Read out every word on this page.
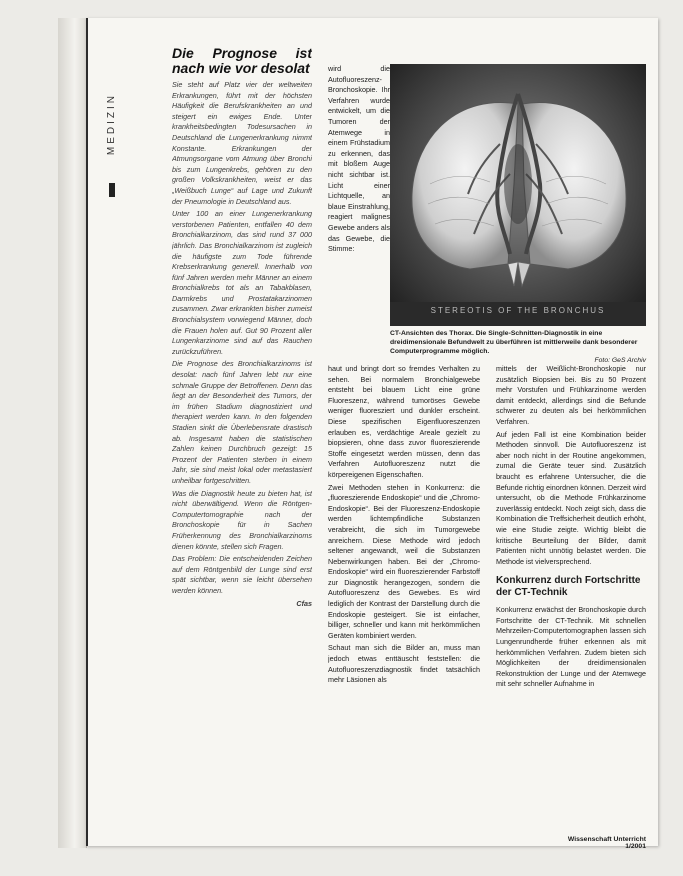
MEDIZIN
Die Prognose ist nach wie vor desolat

Sie steht auf Platz vier der weltweiten Erkrankungen, führt mit der höchsten Häufigkeit die Berufskrankheiten an und steigert ein ewiges Ende. Unter krankheitsbedingten Todesursachen in Deutschland die Lungenerkrankung nimmt Konstante. Erkrankungen der Atmungsorgane vom Atmung über Bronchi bis zum Lungenkrebs, gehören zu den großen Volkskrankheiten, weist er das „Weißbuch Lunge“ auf Lage und Zukunft der Pneumologie in Deutschland aus.

Unter 100 an einer Lungenerkrankung verstorbenen Patienten, entfallen 40 dem Bronchialkarzinom, das sind rund 37 000 jährlich. Das Bronchialkarzinom ist zugleich die häufigste zum Tode führende Krebserkrankung generell. Innerhalb von fünf Jahren werden mehr Männer an einem Bronchialkrebs tot als an Tabakblasen, Darmkrebs und Prostatakarzinomen zusammen. Zwar erkrankten bisher zumeist Bronchialsystem vorwiegend Männer, doch die Frauen holen auf. Gut 90 Prozent aller Lungenkarzinome sind auf das Rauchen zurückzuführen.

Die Prognose des Bronchialkarzinoms ist desolat: nach fünf Jahren lebt nur eine schmale Gruppe der Betroffenen. Denn das liegt an der Besonderheit des Tumors, der im frühen Stadium diagnostiziert und therapiert werden kann. In den folgenden Stadien sinkt die Überlebensrate drastisch ab. Insgesamt haben die statistischen Zahlen keinen Durchbruch gezeigt: 15 Prozent der Patienten sterben in einem Jahr, sie sind meist lokal oder metastasiert unheilbar fortgeschritten.

Was die Diagnostik heute zu bieten hat, ist nicht überwältigend. Wenn die Röntgen-Computertomographie nach der Bronchoskopie für in Sachen Früherkennung des Bronchialkarzinoms dienen könnte, stellen sich Fragen.

Das Problem: Die entscheidenden Zeichen auf dem Röntgenbild der Lunge sind erst spät sichtbar, wenn sie leicht übersehen werden können.

Cfas

wird die Autofluoreszenz-Bronchoskopie. Ihr Verfahren wurde entwickelt, um die Tumoren der Atemwege in einem Frühstadium zu erkennen, das mit bloßem Auge nicht sichtbar ist. Licht einer Lichtquelle, an blaue Einstrahlung, reagiert malignes Gewebe anders als das Gewebe, die Stimme:

STEREOTIS OF THE BRONCHUS
CT-Ansichten des Thorax. Die Single-Schnitten-Diagnostik in eine dreidimensionale Befundwelt zu überführen ist mittlerweile dank besonderer Computerprogramme möglich.
Foto: GeS Archiv

haut und bringt dort so fremdes Verhalten zu sehen. Bei normalem Bronchialgewebe entsteht bei blauem Licht eine grüne Fluoreszenz, während tumoröses Gewebe weniger fluoresziert und dunkler erscheint. Diese spezifischen Eigenfluoreszenzen erlauben es, verdächtige Areale gezielt zu biopsieren, ohne dass zuvor fluoreszierende Stoffe eingesetzt werden müssen, denn das Verfahren Autofluoreszenz nutzt die körpereigenen Eigenschaften.

Zwei Methoden stehen in Konkurrenz: die „fluoreszierende Endoskopie“ und die „Chromo-Endoskopie“. Bei der Fluoreszenz-Endoskopie werden lichtempfindliche Substanzen verabreicht, die sich im Tumorgewebe anreichern. Diese Methode wird jedoch seltener angewandt, weil die Substanzen Nebenwirkungen haben. Bei der „Chromo-Endoskopie“ wird ein fluoreszierender Farbstoff zur Diagnostik herangezogen, sondern die Autofluoreszenz des Gewebes. Es wird lediglich der Kontrast der Darstellung durch die Endoskopie gesteigert. Sie ist einfacher, billiger, schneller und kann mit herkömmlichen Geräten kombiniert werden.

Schaut man sich die Bilder an, muss man jedoch etwas enttäuscht feststellen: die Autofluoreszenzdiagnostik findet tatsächlich mehr Läsionen als

mittels der Weißlicht-Bronchoskopie nur zusätzlich Biopsien bei. Bis zu 50 Prozent mehr Vorstufen und Frühkarzinome werden damit entdeckt, allerdings sind die Befunde schwerer zu deuten als bei herkömmlichen Verfahren.

Auf jeden Fall ist eine Kombination beider Methoden sinnvoll. Die Autofluoreszenz ist aber noch nicht in der Routine angekommen, zumal die Geräte teuer sind. Zusätzlich braucht es erfahrene Untersucher, die die Befunde richtig einordnen können. Derzeit wird untersucht, ob die Methode Frühkarzinome zuverlässig entdeckt. Noch zeigt sich, dass die Kombination die Treffsicherheit deutlich erhöht, wie eine Studie zeigte. Wichtig bleibt die kritische Beurteilung der Bilder, damit Patienten nicht unnötig belastet werden. Die Methode ist vielversprechend.

Konkurrenz durch Fortschritte der CT-Technik

Konkurrenz erwächst der Bronchoskopie durch Fortschritte der CT-Technik. Mit schnellen Mehrzeilen-Computertomographen lassen sich Lungenrundherde früher erkennen als mit herkömmlichen Verfahren. Zudem bieten sich Möglichkeiten der dreidimensionalen Rekonstruktion der Lunge und der Atemwege mit sehr schneller Aufnahme in

Wissenschaft Unterricht 1/2001
